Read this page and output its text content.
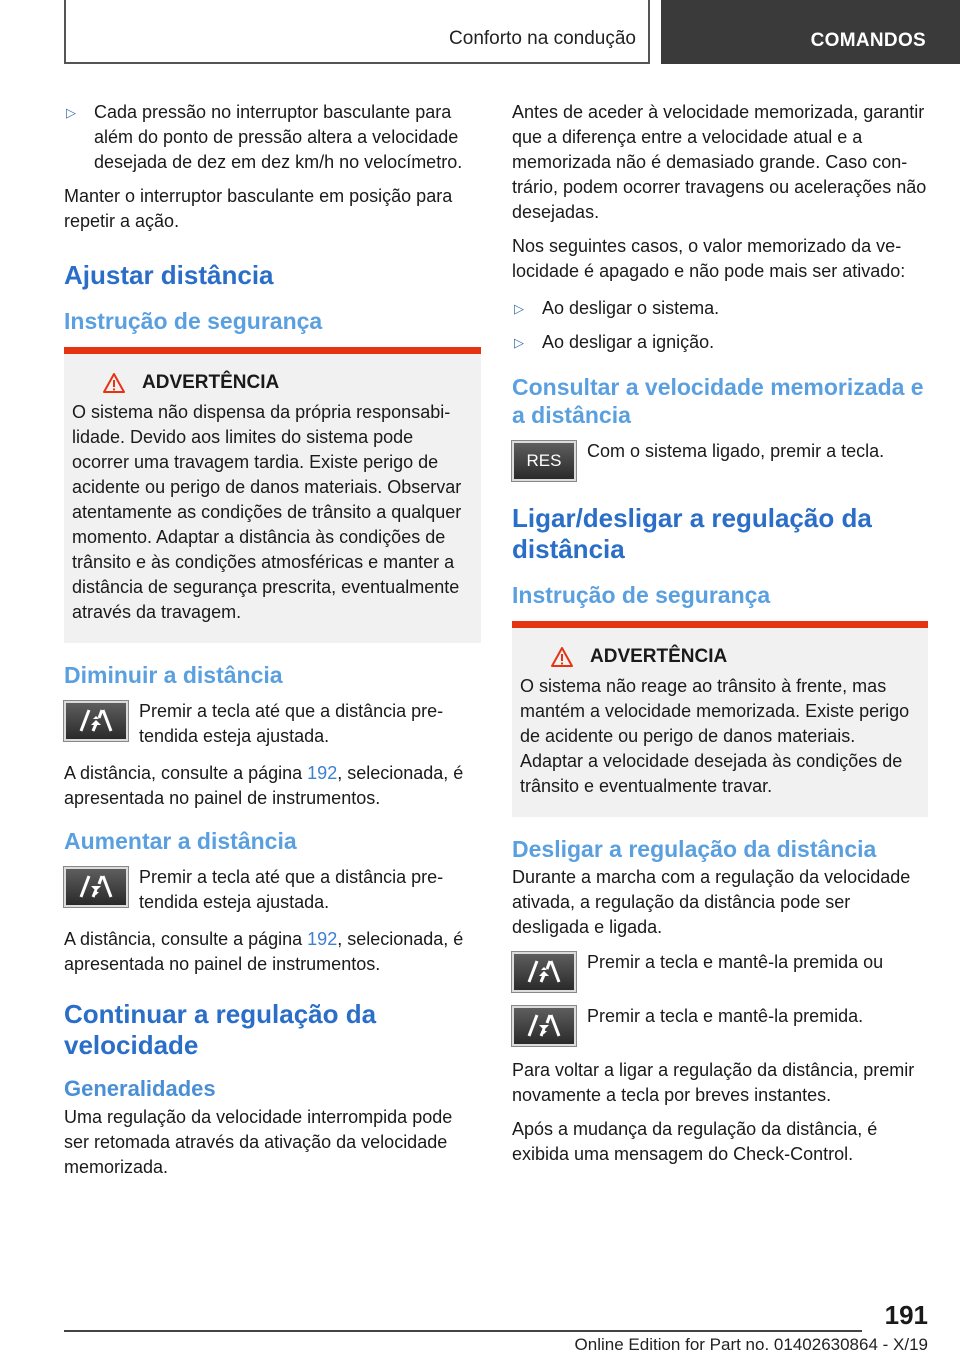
Conforto na condução	COMANDOS

▷ Cada pressão no interruptor basculante para além do ponto de pressão altera a velocidade desejada de dez em dez km/h no velocímetro.

Manter o interruptor basculante em posição para repetir a ação.

Ajustar distância
Instrução de segurança
ADVERTÊNCIA

O sistema não dispensa da própria responsabilidade. Devido aos limites do sistema pode ocorrer uma travagem tardia. Existe perigo de acidente ou perigo de danos materiais. Observar atentamente as condições de trânsito a qualquer momento. Adaptar a distância às condições de trânsito e às condições atmosféricas e manter a distância de segurança prescrita, eventualmente através da travagem.

Diminuir a distância
Premir a tecla até que a distância pretendida esteja ajustada.

A distância, consulte a página 192, selecionada, é apresentada no painel de instrumentos.

Aumentar a distância
Premir a tecla até que a distância pretendida esteja ajustada.

A distância, consulte a página 192, selecionada, é apresentada no painel de instrumentos.

Continuar a regulação da velocidade
Generalidades

Uma regulação da velocidade interrompida pode ser retomada através da ativação da velocidade memorizada.

Antes de aceder à velocidade memorizada, garantir que a diferença entre a velocidade atual e a memorizada não é demasiado grande. Caso contrário, podem ocorrer travagens ou acelerações não desejadas.

Nos seguintes casos, o valor memorizado da velocidade é apagado e não pode mais ser ativado:

▷ Ao desligar o sistema.

▷ Ao desligar a ignição.

Consultar a velocidade memorizada e a distância
RES Com o sistema ligado, premir a tecla.
Ligar/desligar a regulação da distância
Instrução de segurança
ADVERTÊNCIA

O sistema não reage ao trânsito à frente, mas mantém a velocidade memorizada. Existe perigo de acidente ou perigo de danos materiais. Adaptar a velocidade desejada às condições de trânsito e eventualmente travar.

Desligar a regulação da distância

Durante a marcha com a regulação da velocidade ativada, a regulação da distância pode ser desligada e ligada.

Premir a tecla e mantê-la premida ou
Premir a tecla e mantê-la premida.

Para voltar a ligar a regulação da distância, premir novamente a tecla por breves instantes.

Após a mudança da regulação da distância, é exibida uma mensagem do Check-Control.

191
Online Edition for Part no. 01402630864 - X/19
